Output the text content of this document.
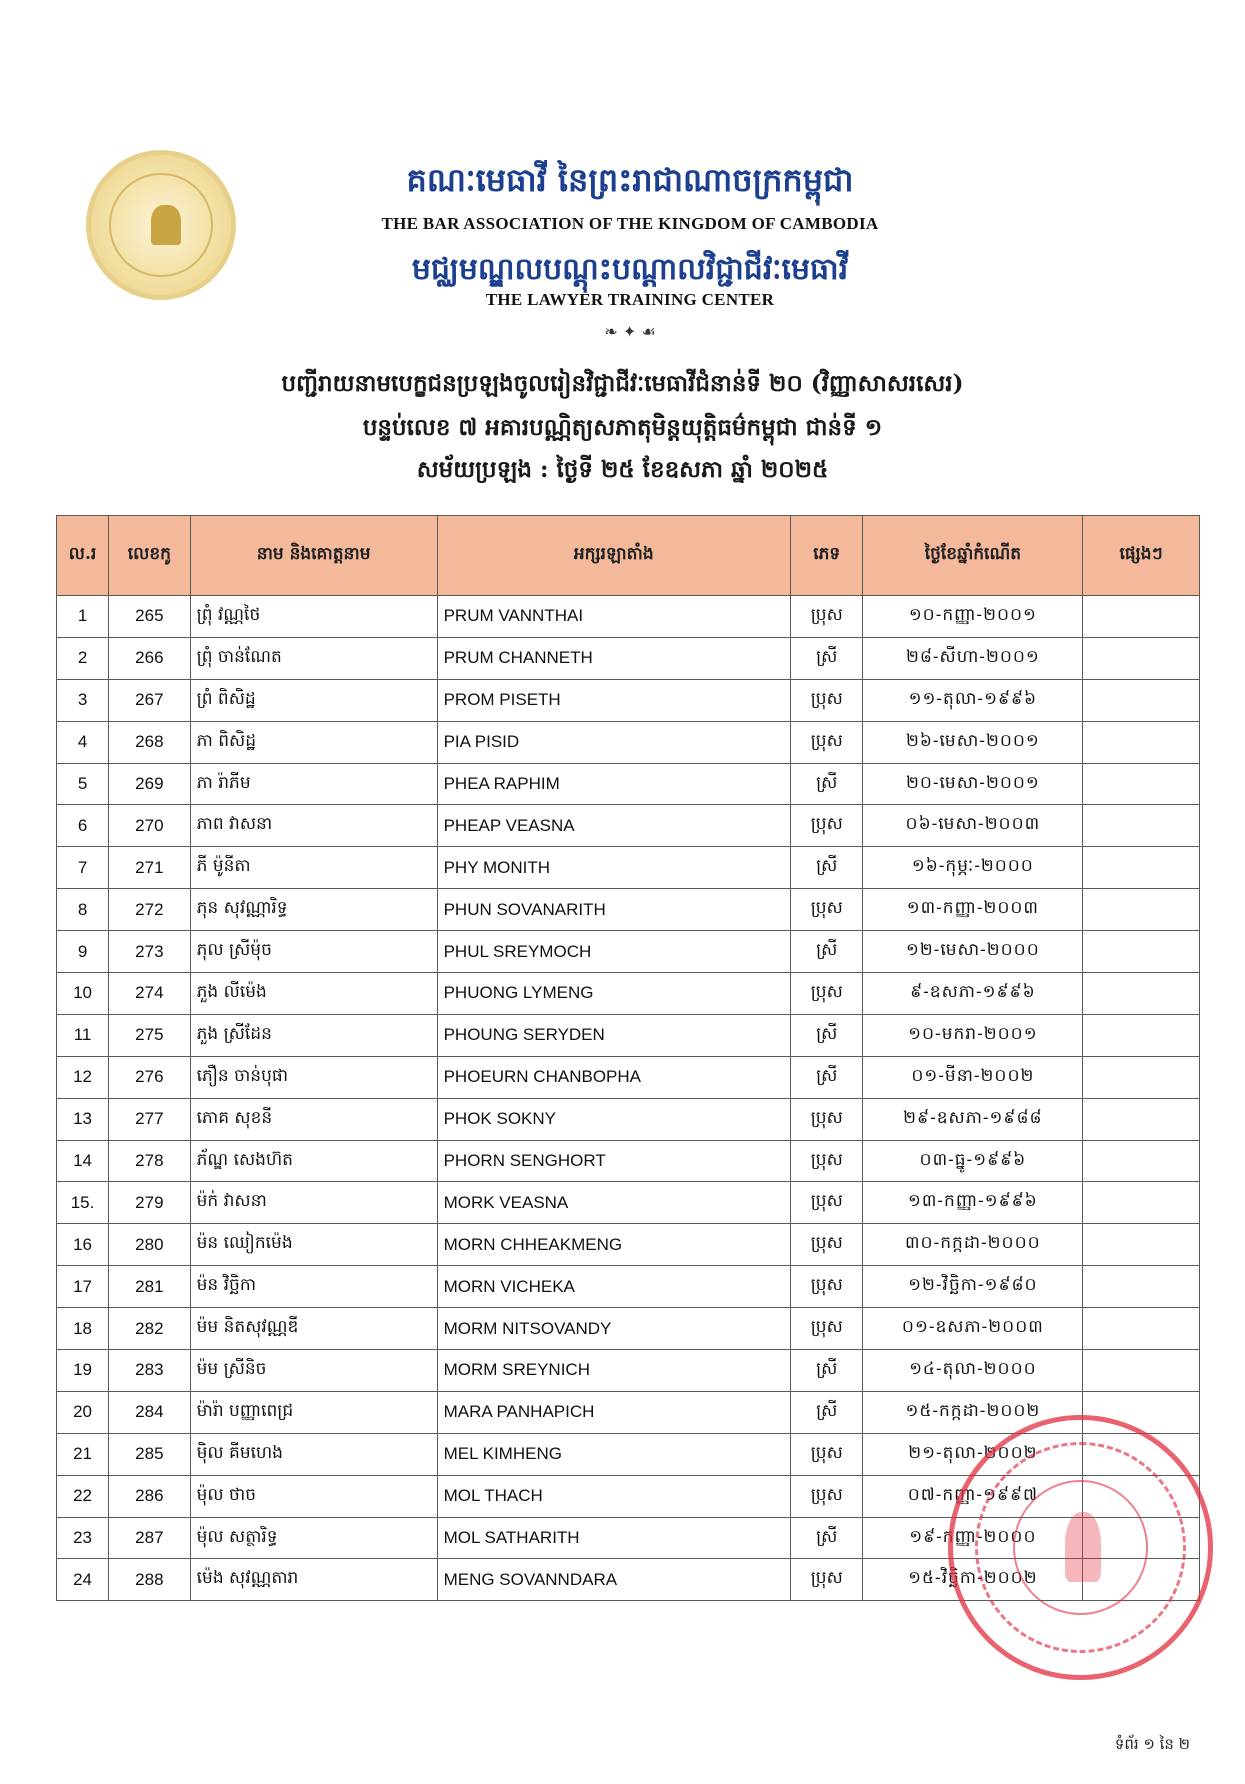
គណៈមេធាវី នៃព្រះរាជាណាចក្រកម្ពុជា
THE BAR ASSOCIATION OF THE KINGDOM OF CAMBODIA
មជ្ឈមណ្ឌលបណ្តុះបណ្តាលវិជ្ជាជីវៈមេធាវី
THE LAWYER TRAINING CENTER
❧ ✦ ☙
បញ្ជីរាយនាមបេក្ខជនប្រឡងចូលរៀនវិជ្ជាជីវៈមេធាវីជំនាន់ទី ២០ (វិញ្ញាសាសរសេរ)
បន្ទប់លេខ ៧ អគារបណ្ណិត្យសភាតុមិន្តយុត្តិធម៌កម្ពុជា ជាន់ទី ១
សម័យប្រឡង : ថ្ងៃទី ២៥ ខែឧសភា ឆ្នាំ ២០២៥
ល.រ	លេខកូ	នាម និងគោត្តនាម	អក្សរឡាតាំង	ភេទ	ថ្ងៃខែឆ្នាំកំណើត	ផ្សេងៗ
1	265	ព្រុំ វណ្ណថៃ	PRUM VANNTHAI	ប្រុស	១០-កញ្ញា-២០០១	
2	266	ព្រុំ ចាន់ណែត	PRUM CHANNETH	ស្រី	២៨-សីហា-២០០១	
3	267	ព្រំ ពិសិដ្ឋ	PROM PISETH	ប្រុស	១១-តុលា-១៩៩៦	
4	268	ភា ពិសិដ្ឋ	PIA PISID	ប្រុស	២៦-មេសា-២០០១	
5	269	ភា រ៉ាភីម	PHEA RAPHIM	ស្រី	២០-មេសា-២០០១	
6	270	ភាព វាសនា	PHEAP VEASNA	ប្រុស	០៦-មេសា-២០០៣	
7	271	ភី ម៉ូនីតា	PHY MONITH	ស្រី	១៦-កុម្ភៈ-២០០០	
8	272	ភុន សុវណ្ណារិទ្ធ	PHUN SOVANARITH	ប្រុស	១៣-កញ្ញា-២០០៣	
9	273	ភុល ស្រីម៉ុច	PHUL SREYMOCH	ស្រី	១២-មេសា-២០០០	
10	274	ភួង លីម៉េង	PHUONG LYMENG	ប្រុស	៩-ឧសភា-១៩៩៦	
11	275	ភួង ស្រីដែន	PHOUNG SERYDEN	ស្រី	១០-មករា-២០០១	
12	276	ភឿន ចាន់បុផា	PHOEURN CHANBOPHA	ស្រី	០១-មីនា-២០០២	
13	277	ភោគ សុខនី	PHOK SOKNY	ប្រុស	២៩-ឧសភា-១៩៨៨	
14	278	ភ័ណ្ឌ សេងហ៊ត	PHORN SENGHORT	ប្រុស	០៣-ធ្នូ-១៩៩៦	
15.	279	ម៉ក់ វាសនា	MORK VEASNA	ប្រុស	១៣-កញ្ញា-១៩៩៦	
16	280	ម៉ន ឈៀកម៉េង	MORN CHHEAKMENG	ប្រុស	៣០-កក្កដា-២០០០	
17	281	ម៉ន វិច្ឆិកា	MORN VICHEKA	ប្រុស	១២-វិច្ឆិកា-១៩៨០	
18	282	ម៉ម និតសុវណ្ណឌី	MORM NITSOVANDY	ប្រុស	០១-ឧសភា-២០០៣	
19	283	ម៉ម ស្រីនិច	MORM SREYNICH	ស្រី	១៤-តុលា-២០០០	
20	284	ម៉ារ៉ា បញ្ញាពេជ្រ	MARA PANHAPICH	ស្រី	១៥-កក្កដា-២០០២	
21	285	ម៉ិល គីមហេង	MEL KIMHENG	ប្រុស	២១-តុលា-២០០២	
22	286	ម៉ុល ថាច	MOL THACH	ប្រុស	០៧-កញ្ញា-១៩៩៧	
23	287	ម៉ុល សត្ថារិទ្ធ	MOL SATHARITH	ស្រី	១៩-កញ្ញា-២០០០	
24	288	ម៉េង សុវណ្ណតារា	MENG SOVANNDARA	ប្រុស	១៥-វិច្ឆិកា-២០០២	
ទំព័រ ១ នៃ ២
